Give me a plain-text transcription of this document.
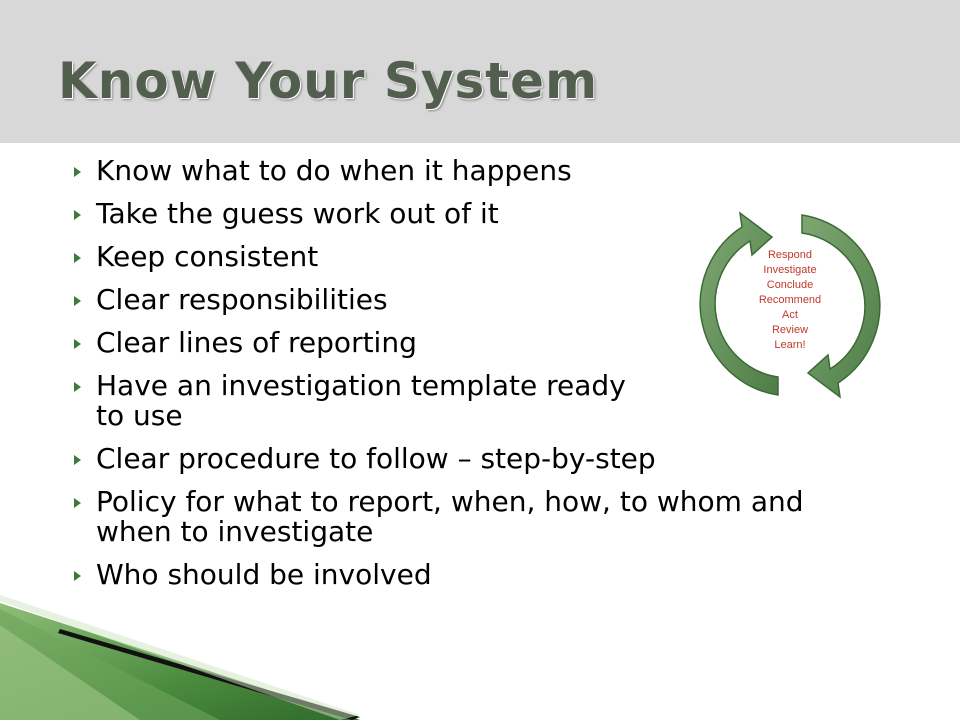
Know Your System
Know what to do when it happens
Take the guess work out of it
Keep consistent
Clear responsibilities
Clear lines of reporting
Have an investigation template ready to use
Clear procedure to follow – step-by-step
Policy for what to report, when, how, to whom and when to investigate
Who should be involved
Respond
Investigate
Conclude
Recommend
Act
Review
Learn!
